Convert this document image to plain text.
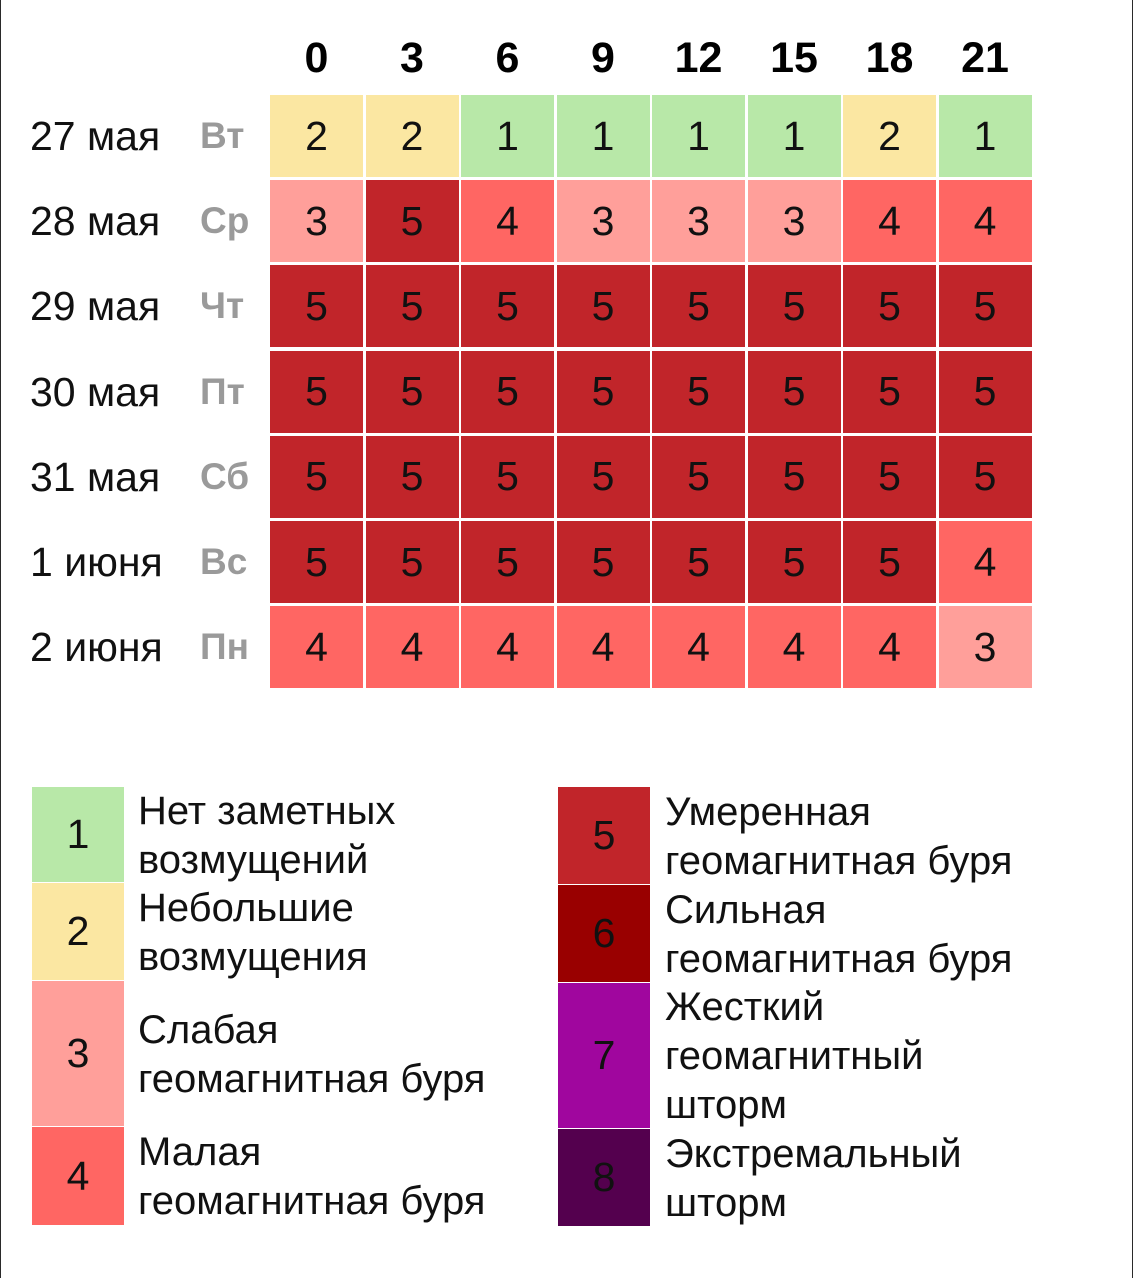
0	3	6	9	12	15	18	21
27 мая	Вт	2	2	1	1	1	1	2	1
28 мая	Ср	3	5	4	3	3	3	4	4
29 мая	Чт	5	5	5	5	5	5	5	5
30 мая	Пт	5	5	5	5	5	5	5	5
31 мая	Сб	5	5	5	5	5	5	5	5
1 июня	Вс	5	5	5	5	5	5	5	4
2 июня	Пн	4	4	4	4	4	4	4	3
1
Нет заметных
возмущений
2
Небольшие
возмущения
3
Слабая
геомагнитная буря
4
Малая
геомагнитная буря
5
Умеренная
геомагнитная буря
6
Сильная
геомагнитная буря
7
Жесткий
геомагнитный
шторм
8
Экстремальный
шторм
